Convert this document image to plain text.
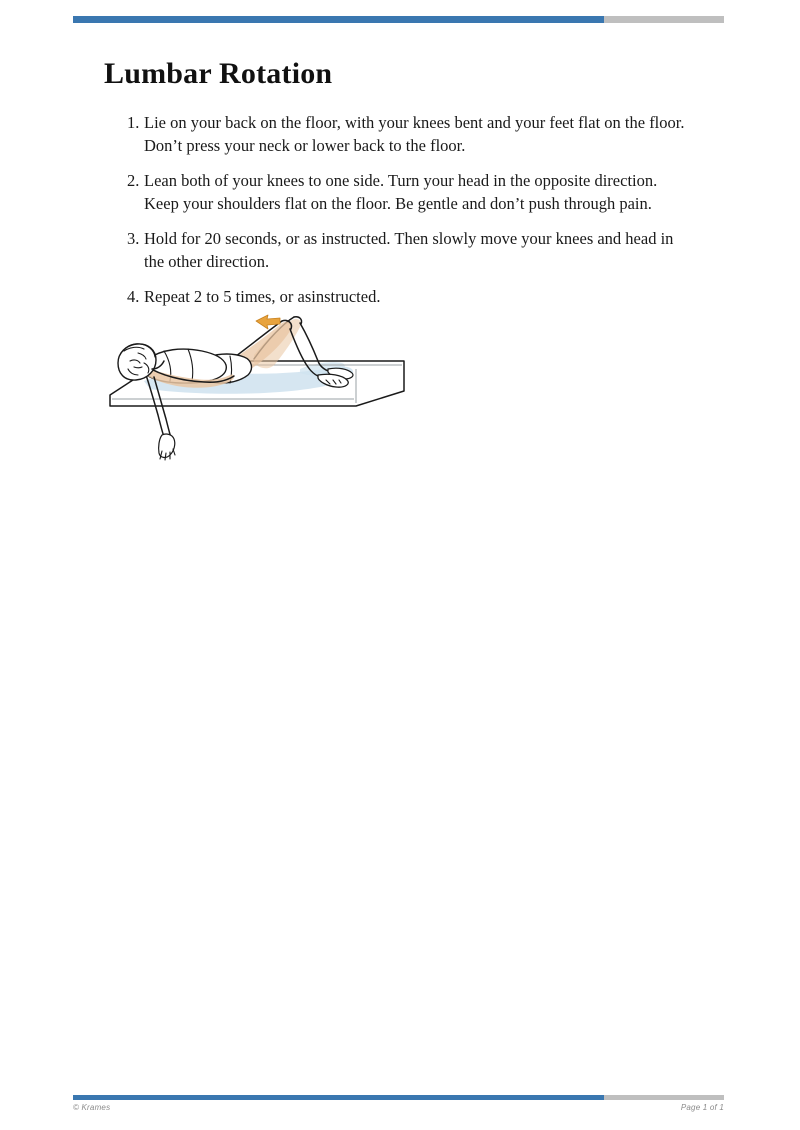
Lumbar Rotation
1. Lie on your back on the floor, with your knees bent and your feet flat on the floor. Don’t press your neck or lower back to the floor.
2. Lean both of your knees to one side. Turn your head in the opposite direction. Keep your shoulders flat on the floor. Be gentle and don’t push through pain.
3. Hold for 20 seconds, or as instructed. Then slowly move your knees and head in the other direction.
4. Repeat 2 to 5 times, or asinstructed.
© Krames	Page 1 of 1
